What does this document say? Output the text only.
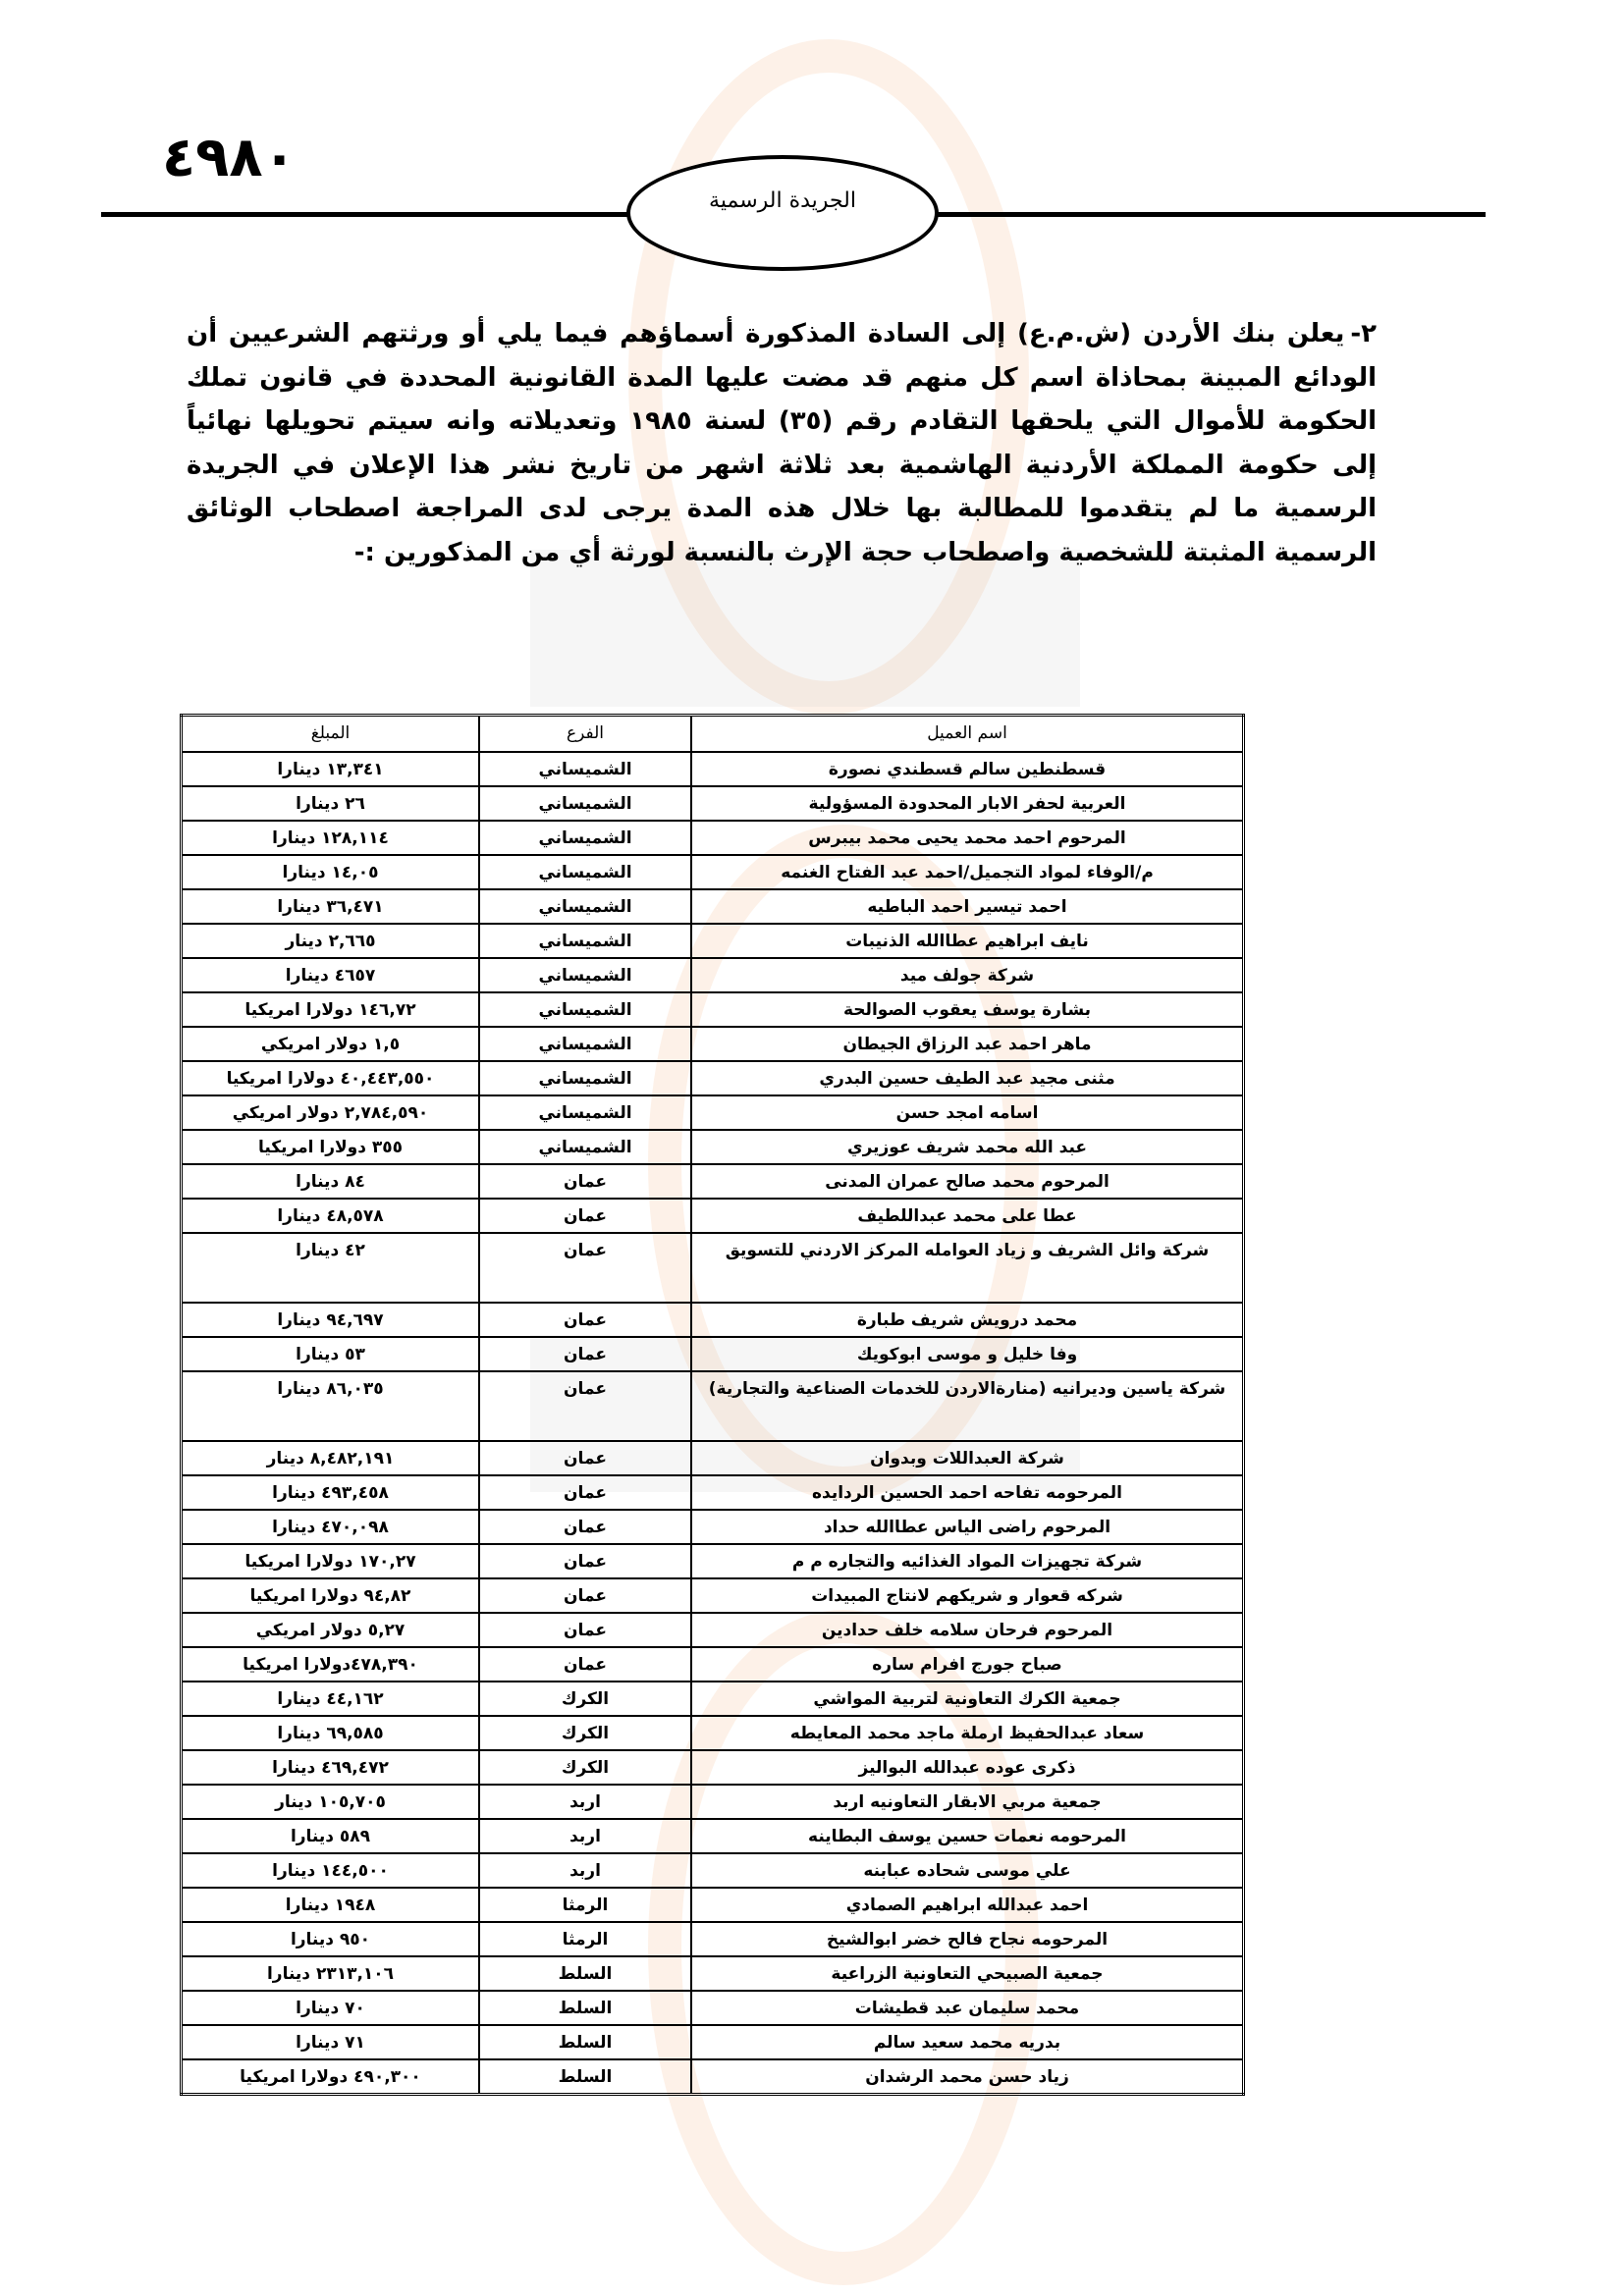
٤٩٨٠
الجريدة الرسمية
٢-يعلن بنك الأردن (ش.م.ع) إلى السادة المذكورة أسماؤهم فيما يلي أو ورثتهم الشرعيين أن الودائع المبينة بمحاذاة اسم كل منهم قد مضت عليها المدة القانونية المحددة في قانون تملك الحكومة للأموال التي يلحقها التقادم رقم (٣٥) لسنة ١٩٨٥ وتعديلاته وانه سيتم تحويلها نهائياً إلى حكومة المملكة الأردنية الهاشمية بعد ثلاثة اشهر من تاريخ نشر هذا الإعلان في الجريدة الرسمية ما لم يتقدموا للمطالبة بها خلال هذه المدة يرجى لدى المراجعة اصطحاب الوثائق الرسمية المثبتة للشخصية واصطحاب حجة الإرث بالنسبة لورثة أي من المذكورين :-
اسم العميل	الفرع	المبلغ
قسطنطين سالم قسطندي نصورة	الشميساني	١٣,٣٤١ دينارا
العربية لحفر الابار المحدودة المسؤولية	الشميساني	٢٦ دينارا
المرحوم احمد محمد يحيى محمد بيبرس	الشميساني	١٢٨,١١٤ دينارا
م/الوفاء لمواد التجميل/احمد عبد الفتاح الغنمه	الشميساني	١٤,٠٥ دينارا
احمد تيسير احمد الباطيه	الشميساني	٣٦,٤٧١ دينارا
نايف ابراهيم عطاالله الذنيبات	الشميساني	٢,٦٦٥ دينار
شركة جولف ميد	الشميساني	٤٦٥٧ دينارا
بشارة يوسف يعقوب الصوالحة	الشميساني	١٤٦,٧٢ دولارا امريكيا
ماهر احمد عبد الرزاق الجيطان	الشميساني	١,٥ دولار امريكي
مثنى مجيد عبد الطيف حسين البدري	الشميساني	٤٠,٤٤٣,٥٥٠ دولارا امريكيا
اسامه امجد حسن	الشميساني	٢,٧٨٤,٥٩٠ دولار امريكي
عبد الله محمد شريف عوزيري	الشميساني	٣٥٥ دولارا امريكيا
المرحوم محمد صالح عمران المدنى	عمان	٨٤ دينارا
عطا على محمد عبداللطيف	عمان	٤٨,٥٧٨ دينارا
شركة وائل الشريف و زياد العوامله المركز الاردني للتسويق	عمان	٤٢ دينارا
محمد درويش شريف طبارة	عمان	٩٤,٦٩٧ دينارا
وفا خليل و موسى ابوكويك	عمان	٥٣ دينارا
شركة ياسين وديرانيه (منارةالاردن للخدمات الصناعية والتجارية)	عمان	٨٦,٠٣٥ دينارا
شركة العبداللات وبدوان	عمان	٨,٤٨٢,١٩١ دينار
المرحومه تفاحه احمد الحسين الردايده	عمان	٤٩٣,٤٥٨ دينارا
المرحوم راضى الياس عطاالله حداد	عمان	٤٧٠,٠٩٨ دينارا
شركة تجهيزات المواد الغذائيه والتجاره م م	عمان	١٧٠,٢٧ دولارا امريكيا
شركه قعوار و شريكهم لانتاج المبيدات	عمان	٩٤,٨٢ دولارا امريكيا
المرحوم فرحان سلامه خلف حدادين	عمان	٥,٢٧ دولار امريكي
صباح جورج افرام ساره	عمان	٤٧٨,٣٩٠دولارا امريكيا
جمعية الكرك التعاونية لتربية المواشي	الكرك	٤٤,١٦٢ دينارا
سعاد عبدالحفيظ ارملة ماجد محمد المعايطه	الكرك	٦٩,٥٨٥ دينارا
ذكرى عوده عبدالله البواليز	الكرك	٤٦٩,٤٧٢ دينارا
جمعية مربي الابقار التعاونيه اربد	اربد	١٠٥,٧٠٥ دينار
المرحومه نعمات حسين يوسف البطاينه	اربد	٥٨٩ دينارا
علي موسى شحاده عبابنه	اربد	١٤٤,٥٠٠ دينارا
احمد عبدالله ابراهيم الصمادي	الرمثا	١٩٤٨ دينارا
المرحومه نجاح فالح خضر ابوالشيخ	الرمثا	٩٥٠ دينارا
جمعية الصبيحي التعاونية الزراعية	السلط	٢٣١٣,١٠٦ دينارا
محمد سليمان عبد قطيشات	السلط	٧٠ دينارا
بدريه محمد سعيد سالم	السلط	٧١ دينارا
زياد حسن محمد الرشدان	السلط	٤٩٠,٣٠٠ دولارا امريكيا
